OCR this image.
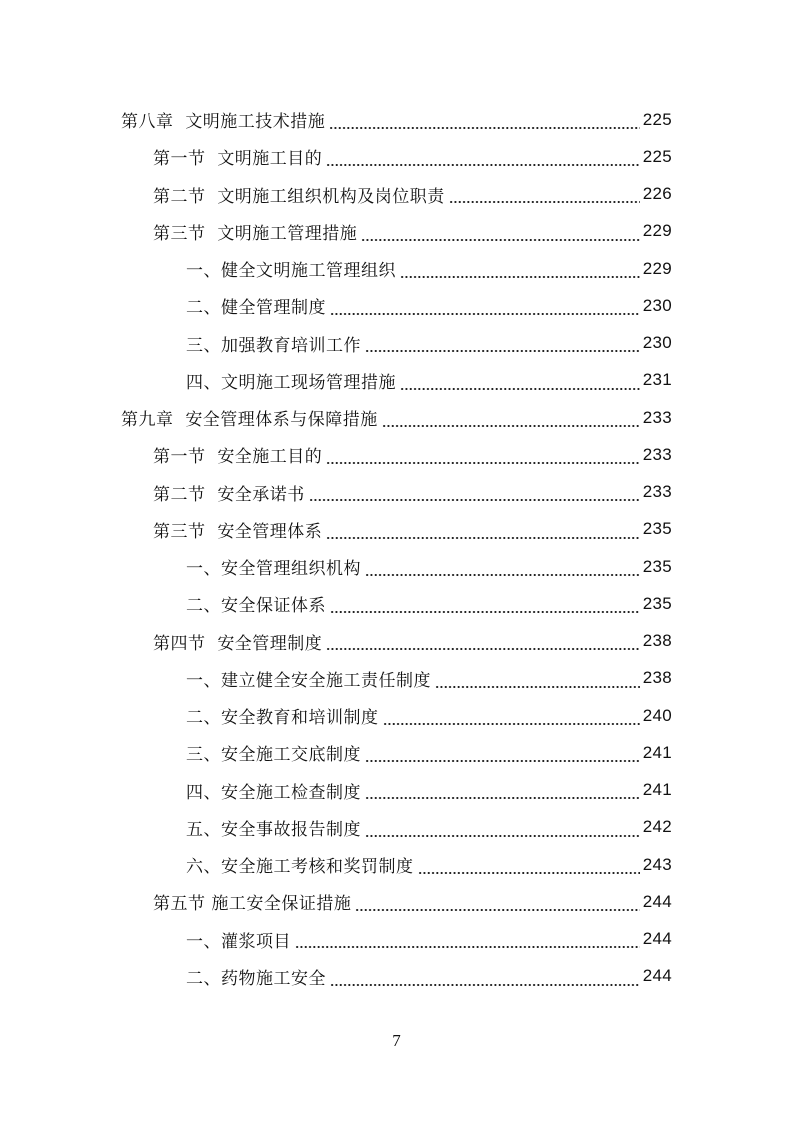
第八章  文明施工技术措施	225
第一节  文明施工目的	225
第二节  文明施工组织机构及岗位职责	226
第三节  文明施工管理措施	229
一、健全文明施工管理组织	229
二、健全管理制度	230
三、加强教育培训工作	230
四、文明施工现场管理措施	231
第九章  安全管理体系与保障措施	233
第一节  安全施工目的	233
第二节  安全承诺书	233
第三节  安全管理体系	235
一、安全管理组织机构	235
二、安全保证体系	235
第四节  安全管理制度	238
一、建立健全安全施工责任制度	238
二、安全教育和培训制度	240
三、安全施工交底制度	241
四、安全施工检查制度	241
五、安全事故报告制度	242
六、安全施工考核和奖罚制度	243
第五节 施工安全保证措施	244
一、灌浆项目	244
二、药物施工安全	244
7
